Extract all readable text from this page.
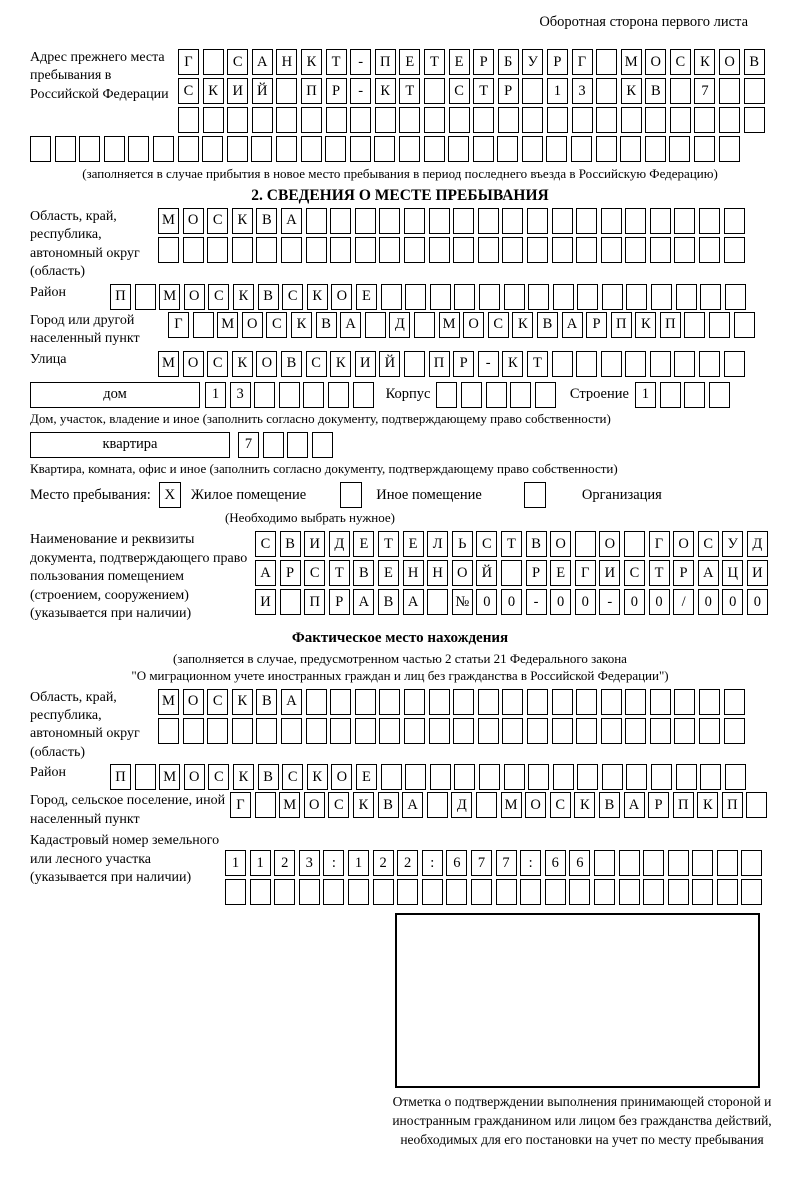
Оборотная сторона первого листа
Адрес прежнего места пребывания в Российской Федерации
Г	С	А Н	К	Т	-	П	Е	Т	Е	Р	Б	У	Р	Г	М О	С	К	О	В
С	К	И Й	П	Р	-	К	Т	С	Т	Р	1	3	К	В	7
(заполняется в случае прибытия в новое место пребывания в период последнего въезда в Российскую Федерацию)
2. СВЕДЕНИЯ О МЕСТЕ ПРЕБЫВАНИЯ
Область, край, республика, автономный округ (область)
М О	С	К	В	А
Район	П	М О	С	К	В	С	К	О	Е
Город или другой населенный пункт
Г	М О	С	К	В	А	Д	М О	С	К	В	А	Р	П	К	П
Улица	М О	С	К	О	В	С	К	И Й	П	Р	-	К	Т
дом	1	3	Корпус	Строение 1
Дом, участок, владение и иное (заполнить согласно документу, подтверждающему право собственности)
квартира	7
Квартира, комната, офис и иное (заполнить согласно документу, подтверждающему право собственности)
Место пребывания: X	Жилое помещение	Иное помещение	Организация
(Необходимо выбрать нужное)
Наименование и реквизиты документа, подтверждающего право пользования помещением (строением, сооружением) (указывается при наличии)
С	В	И Д	Е	Т	Е	Л	Ь	С	Т	В	О	О	Г	О	С	У	Д
А	Р	С	Т	В	Е	Н Н О Й	Р	Е	Г	И	С	Т	Р	А Ц И
И	П	Р	А	В	А	№ 0	0	-	0	0	-	0	0	/	0	0	0
Фактическое место нахождения
(заполняется в случае, предусмотренном частью 2 статьи 21 Федерального закона
"О миграционном учете иностранных граждан и лиц без гражданства в Российской Федерации")
Область, край, республика, автономный округ (область)
М О	С	К	В	А
Район	П	М О	С	К	В	С	К	О	Е
Город, сельское поселение, иной населенный пункт
Г	М О	С	К	В	А	Д	М О	С	К	В	А	Р	П	К	П
Кадастровый номер земельного или лесного участка (указывается при наличии)
1	1	2	3	:	1	2	2	:	6	7	7	:	6	6
Отметка о подтверждении выполнения принимающей стороной и иностранным гражданином или лицом без гражданства действий, необходимых для его постановки на учет по месту пребывания
